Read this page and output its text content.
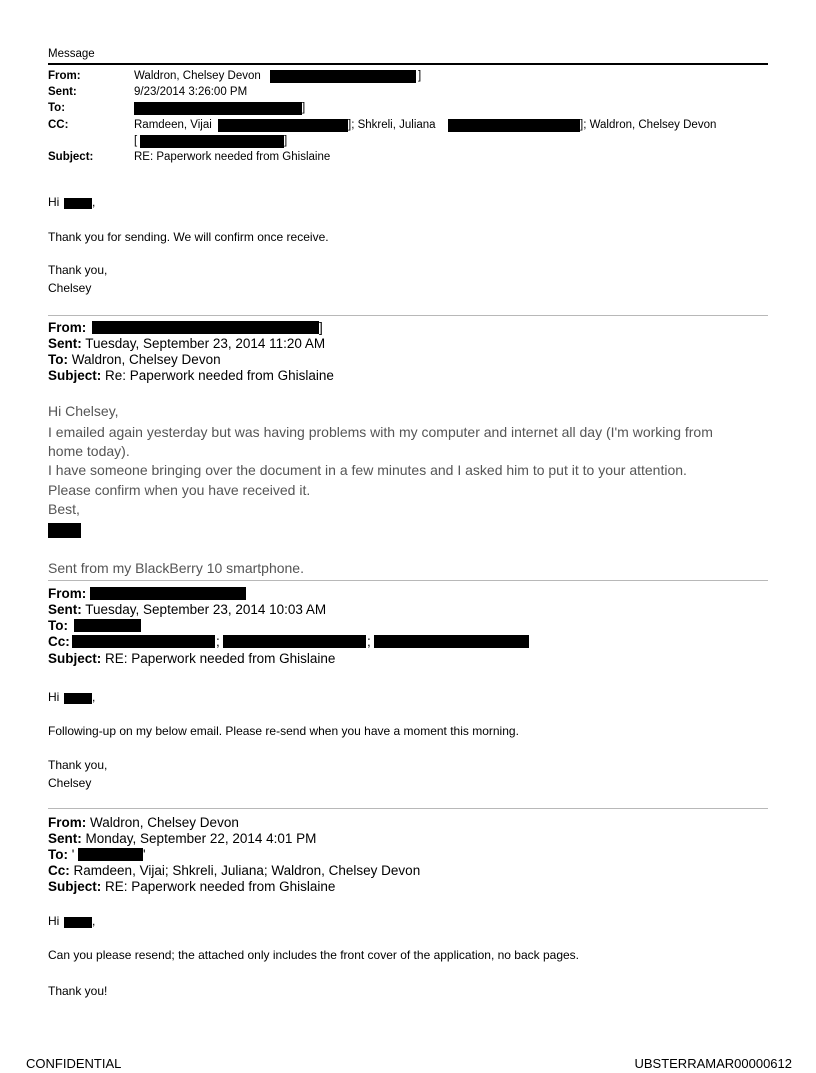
Message
From:	Waldron, Chelsey Devon	]
Sent:	9/23/2014 3:26:00 PM
To:	]
CC:	Ramdeen, Vijai	]; Shkreli, Juliana	]; Waldron, Chelsey Devon
[	]
Subject:	RE: Paperwork needed from Ghislaine
Hi	,
Thank you for sending. We will confirm once receive.
Thank you,
Chelsey
From:	]
Sent: Tuesday, September 23, 2014 11:20 AM
To: Waldron, Chelsey Devon
Subject: Re: Paperwork needed from Ghislaine
Hi Chelsey,
I emailed again yesterday but was having problems with my computer and internet all day (I'm working from
home today).
I have someone bringing over the document in a few minutes and I asked him to put it to your attention.
Please confirm when you have received it.
Best,
Sent from my BlackBerry 10 smartphone.
From:
Sent: Tuesday, September 23, 2014 10:03 AM
To:
Cc:	;	;
Subject: RE: Paperwork needed from Ghislaine
Hi	,
Following-up on my below email. Please re-send when you have a moment this morning.
Thank you,
Chelsey
From: Waldron, Chelsey Devon
Sent: Monday, September 22, 2014 4:01 PM
To: '	'
Cc: Ramdeen, Vijai; Shkreli, Juliana; Waldron, Chelsey Devon
Subject: RE: Paperwork needed from Ghislaine
Hi	,
Can you please resend; the attached only includes the front cover of the application, no back pages.
Thank you!
CONFIDENTIAL	UBSTERRAMAR00000612
